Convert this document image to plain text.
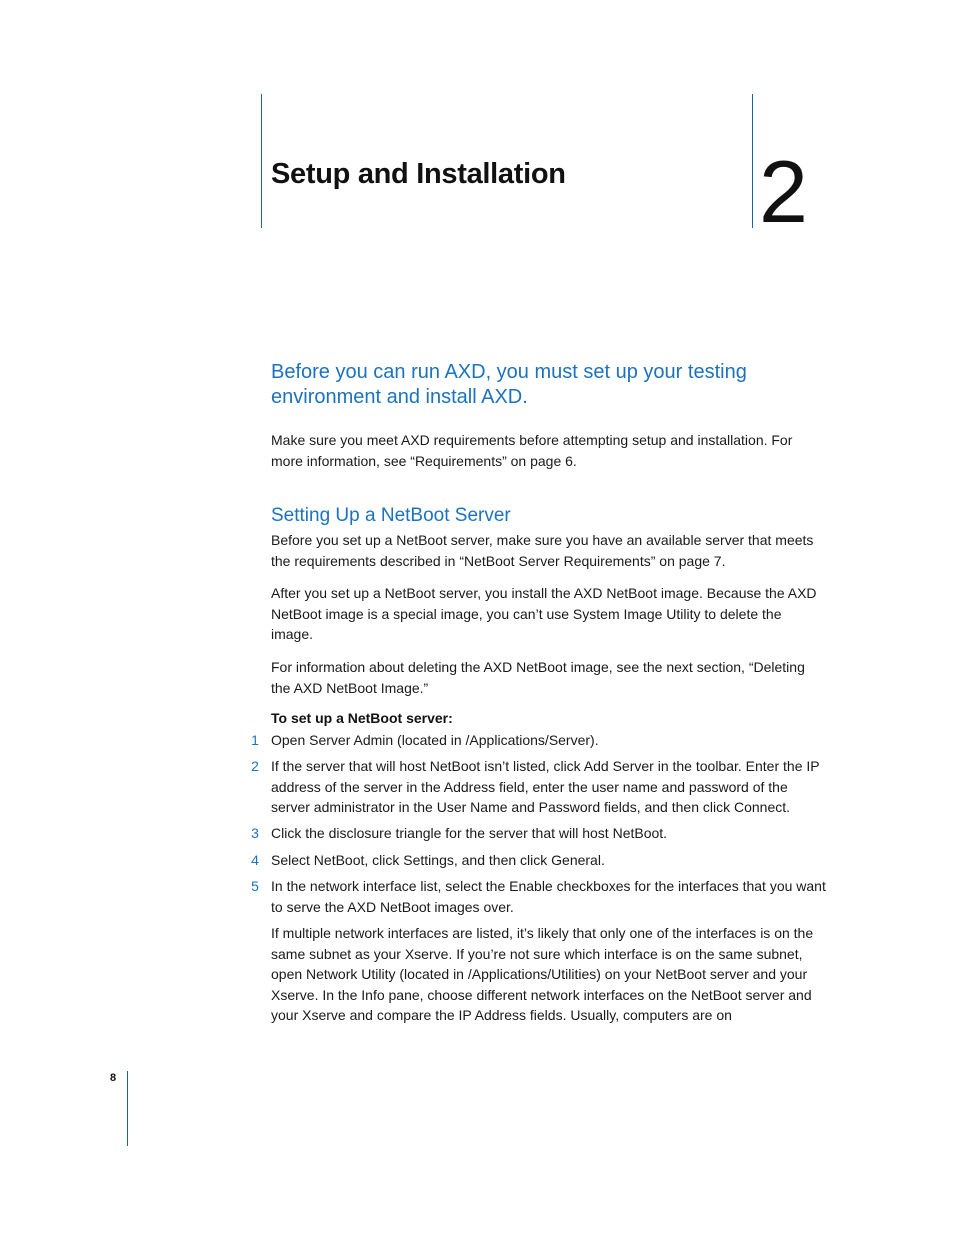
Setup and Installation 2
Before you can run AXD, you must set up your testing environment and install AXD.

Make sure you meet AXD requirements before attempting setup and installation. For more information, see “Requirements” on page 6.

Setting Up a NetBoot Server

Before you set up a NetBoot server, make sure you have an available server that meets the requirements described in “NetBoot Server Requirements” on page 7.

After you set up a NetBoot server, you install the AXD NetBoot image. Because the AXD NetBoot image is a special image, you can’t use System Image Utility to delete the image.

For information about deleting the AXD NetBoot image, see the next section, “Deleting the AXD NetBoot Image.”

To set up a NetBoot server:
1 Open Server Admin (located in /Applications/Server).
2 If the server that will host NetBoot isn’t listed, click Add Server in the toolbar. Enter the IP address of the server in the Address field, enter the user name and password of the server administrator in the User Name and Password fields, and then click Connect.
3 Click the disclosure triangle for the server that will host NetBoot.
4 Select NetBoot, click Settings, and then click General.
5 In the network interface list, select the Enable checkboxes for the interfaces that you want to serve the AXD NetBoot images over.

If multiple network interfaces are listed, it’s likely that only one of the interfaces is on the same subnet as your Xserve. If you’re not sure which interface is on the same subnet, open Network Utility (located in /Applications/Utilities) on your NetBoot server and your Xserve. In the Info pane, choose different network interfaces on the NetBoot server and your Xserve and compare the IP Address fields. Usually, computers are on

8
